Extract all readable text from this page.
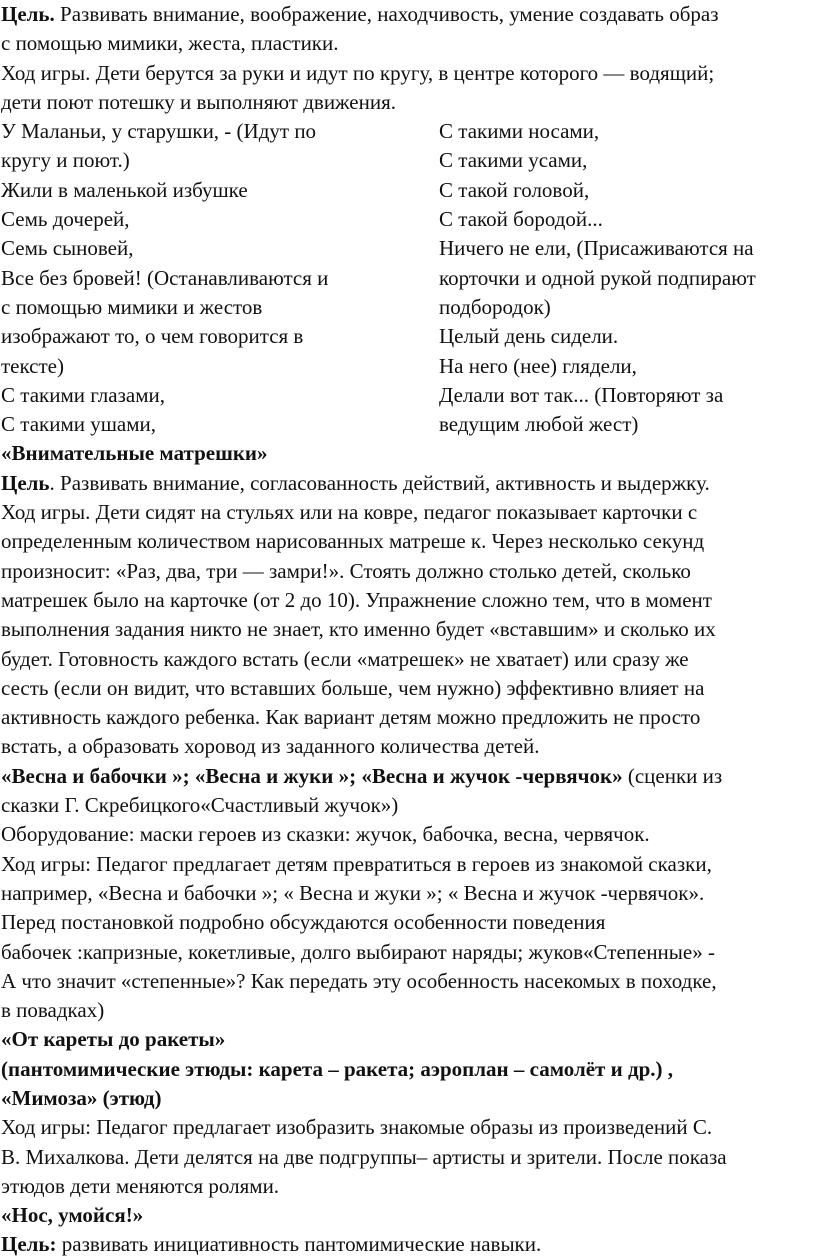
Цель. Развивать внимание, воображение, находчивость, умение создавать образ
с помощью мимики, жеста, пластики.
Ход игры. Дети берутся за руки и идут по кругу, в центре которого — водящий;
дети поют потешку и выполняют движения.
У Маланьи, у старушки, - (Идут по
кругу и поют.)
Жили в маленькой избушке
Семь дочерей,
Семь сыновей,
Все без бровей! (Останавливаются и
с помощью мимики и жестов
изображают то, о чем говорится в
тексте)
С такими глазами,
С такими ушами,
С такими носами,
С такими усами,
С такой головой,
С такой бородой...
Ничего не ели, (Присаживаются на
корточки и одной рукой подпирают
подбородок)
Целый день сидели.
На него (нее) глядели,
Делали вот так... (Повторяют за
ведущим любой жест)
«Внимательные матрешки»
Цель. Развивать внимание, согласованность действий, активность и выдержку.
Ход игры. Дети сидят на стульях или на ковре, педагог показывает карточки с
определенным количеством нарисованных матреше к. Через несколько секунд
произносит: «Раз, два, три — замри!». Стоять должно столько детей, сколько
матрешек было на карточке (от 2 до 10). Упражнение сложно тем, что в момент
выполнения задания никто не знает, кто именно будет «вставшим» и сколько их
будет. Готовность каждого встать (если «матрешек» не хватает) или сразу же
сесть (если он видит, что вставших больше, чем нужно) эффективно влияет на
активность каждого ребенка. Как вариант детям можно предложить не просто
встать, а образовать хоровод из заданного количества детей.
«Весна и бабочки »; «Весна и жуки »; «Весна и жучок -червячок» (сценки из
сказки Г. Скребицкого«Счастливый жучок»)
Оборудование: маски героев из сказки: жучок, бабочка, весна, червячок.
Ход игры: Педагог предлагает детям превратиться в героев из знакомой сказки,
например, «Весна и бабочки »; « Весна и жуки »; « Весна и жучок -червячок».
Перед постановкой подробно обсуждаются особенности поведения
бабочек :капризные, кокетливые, долго выбирают наряды; жуков«Степенные» -
А что значит «степенные»? Как передать эту особенность насекомых в походке,
в повадках)
«От кареты до ракеты»
(пантомимические этюды: карета – ракета; аэроплан – самолёт и др.) ,
«Мимоза» (этюд)
Ход игры: Педагог предлагает изобразить знакомые образы из произведений С.
В. Михалкова. Дети делятся на две подгруппы– артисты и зрители. После показа
этюдов дети меняются ролями.
«Нос, умойся!»
Цель: развивать инициативность пантомимические навыки.
